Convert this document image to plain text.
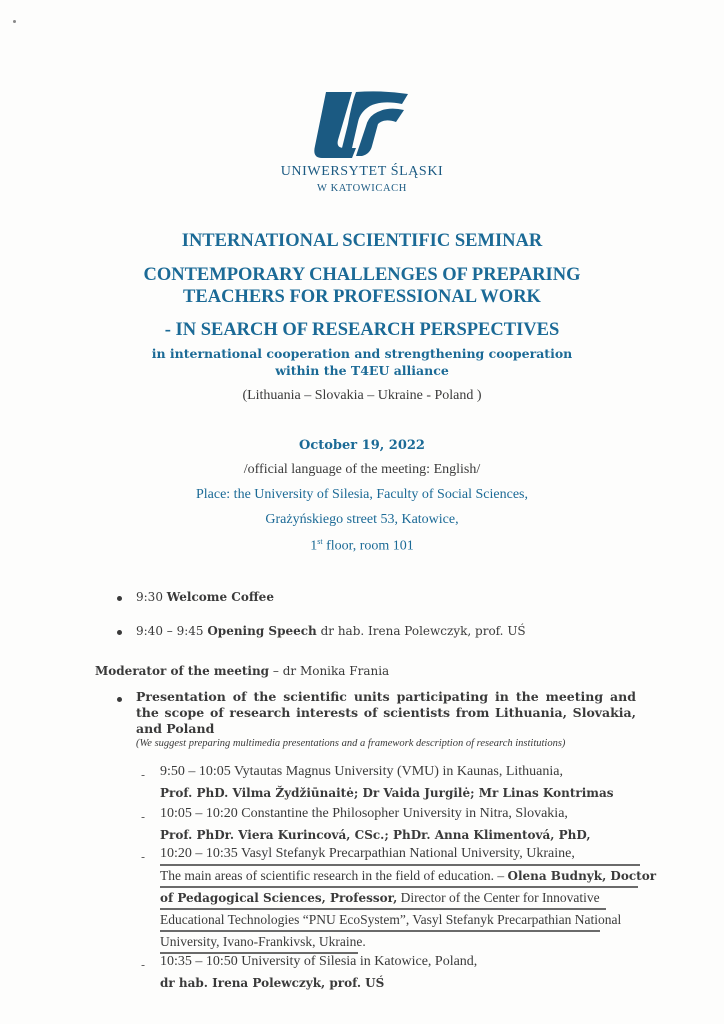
UNIWERSYTET ŚLĄSKI
W KATOWICACH
INTERNATIONAL SCIENTIFIC SEMINAR
CONTEMPORARY CHALLENGES OF PREPARING
TEACHERS FOR PROFESSIONAL WORK
- IN SEARCH OF RESEARCH PERSPECTIVES
in international cooperation and strengthening cooperation
within the T4EU alliance
(Lithuania – Slovakia – Ukraine - Poland )
October 19, 2022
/official language of the meeting: English/
Place: the University of Silesia, Faculty of Social Sciences,
Grażyńskiego street 53, Katowice,
1st floor, room 101
9:30 Welcome Coffee
9:40 – 9:45 Opening Speech dr hab. Irena Polewczyk, prof. UŚ
Moderator of the meeting – dr Monika Frania
Presentation of the scientific units participating in the meeting and the scope of research interests of scientists from Lithuania, Slovakia, and Poland
(We suggest preparing multimedia presentations and a framework description of research institutions)
- 9:50 – 10:05 Vytautas Magnus University (VMU) in Kaunas, Lithuania,
Prof. PhD. Vilma Žydžiūnaitė; Dr Vaida Jurgilė; Mr Linas Kontrimas
- 10:05 – 10:20 Constantine the Philosopher University in Nitra, Slovakia,
Prof. PhDr. Viera Kurincová, CSc.; PhDr. Anna Klimentová, PhD,
- 10:20 – 10:35 Vasyl Stefanyk Precarpathian National University, Ukraine,
The main areas of scientific research in the field of education. – Olena Budnyk, Doctor
of Pedagogical Sciences, Professor, Director of the Center for Innovative
Educational Technologies “PNU EcoSystem”, Vasyl Stefanyk Precarpathian National
University, Ivano-Frankivsk, Ukraine.
- 10:35 – 10:50 University of Silesia in Katowice, Poland,
dr hab. Irena Polewczyk, prof. UŚ
